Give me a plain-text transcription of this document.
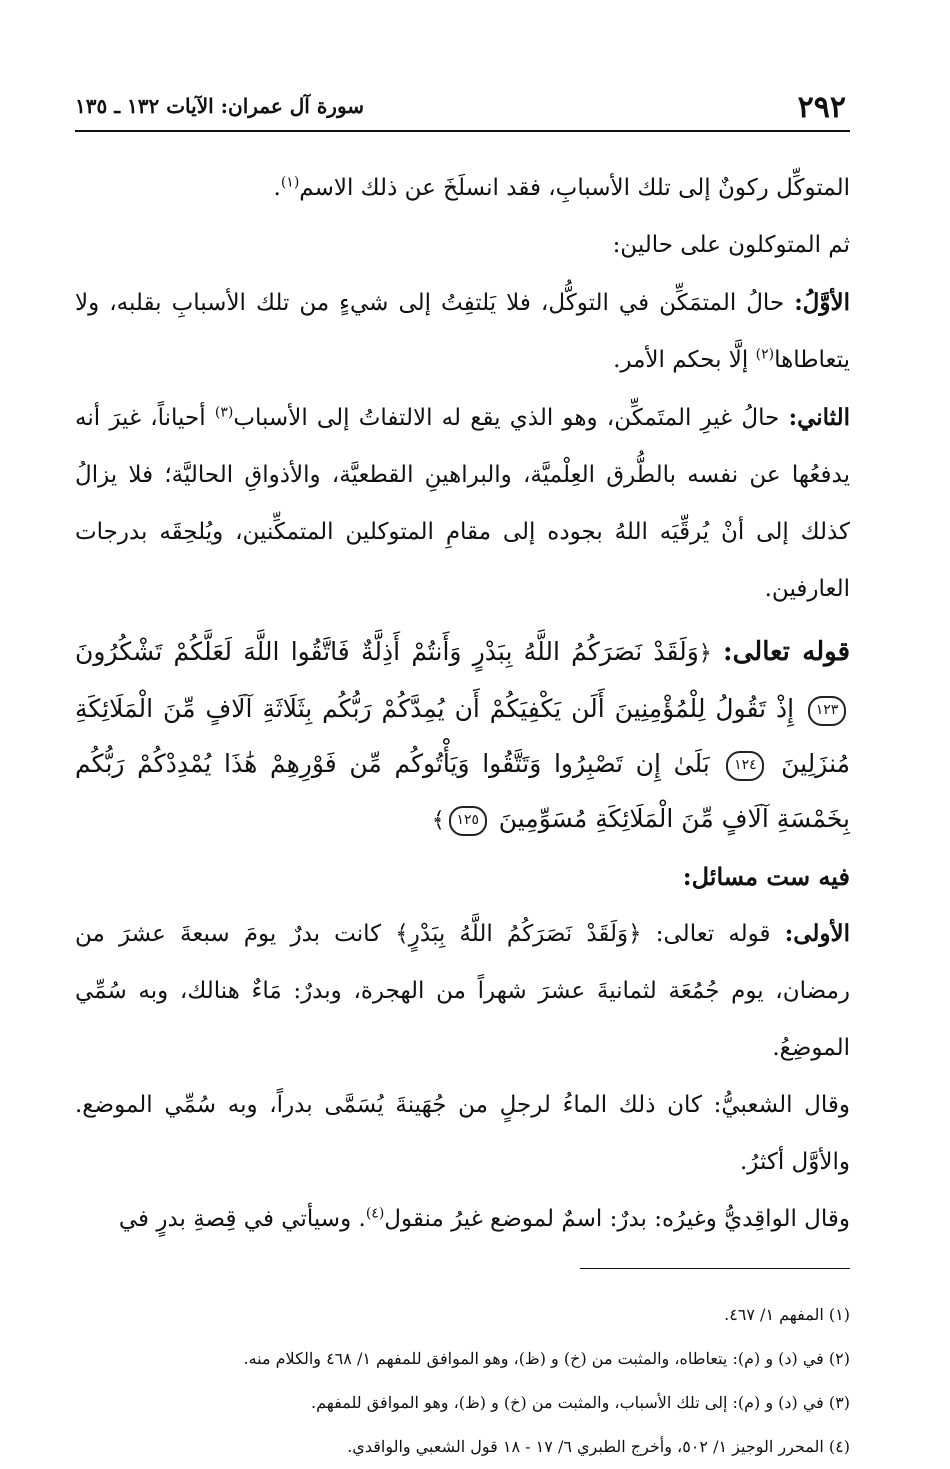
٢٩٢
سورة آل عمران: الآيات ١٣٢ ـ ١٣٥

المتوكِّل ركونٌ إلى تلك الأسبابِ، فقد انسلَخَ عن ذلك الاسم$^{(١)}$.

ثم المتوكلون على حالين:

الأوَّلُ: حالُ المتمَكِّن في التوكُّل، فلا يَلتفِتُ إلى شيءٍ من تلك الأسبابِ بقلبه، ولا يتعاطاها$^{(٢)}$ إلَّا بحكم الأمر.

الثاني: حالُ غيرِ المتَمكِّن، وهو الذي يقع له الالتفاتُ إلى الأسباب$^{(٣)}$ أحياناً، غيرَ أنه يدفعُها عن نفسه بالطُّرق العِلْميَّة، والبراهينِ القطعيَّة، والأذواقِ الحاليَّة؛ فلا يزالُ كذلك إلى أنْ يُرقِّيَه اللهُ بجوده إلى مقامِ المتوكلين المتمكِّنين، ويُلحِقَه بدرجات العارفين.

قوله تعالى: ﴿وَلَقَدْ نَصَرَكُمُ اللَّهُ بِبَدْرٍ وَأَنتُمْ أَذِلَّةٌ فَاتَّقُوا اللَّهَ لَعَلَّكُمْ تَشْكُرُونَ ١٢٣ إِذْ تَقُولُ لِلْمُؤْمِنِينَ أَلَن يَكْفِيَكُمْ أَن يُمِدَّكُمْ رَبُّكُم بِثَلَاثَةِ آلَافٍ مِّنَ الْمَلَائِكَةِ مُنزَلِينَ ١٢٤ بَلَىٰ إِن تَصْبِرُوا وَتَتَّقُوا وَيَأْتُوكُم مِّن فَوْرِهِمْ هَٰذَا يُمْدِدْكُمْ رَبُّكُم بِخَمْسَةِ آلَافٍ مِّنَ الْمَلَائِكَةِ مُسَوِّمِينَ ١٢٥﴾

فيه ست مسائل:

الأولى: قوله تعالى: ﴿وَلَقَدْ نَصَرَكُمُ اللَّهُ بِبَدْرٍ﴾ كانت بدرٌ يومَ سبعةَ عشرَ من رمضان، يوم جُمُعَة لثمانيةَ عشرَ شهراً من الهجرة، وبدرٌ: مَاءٌ هنالك، وبه سُمِّي الموضِعُ.

وقال الشعبيُّ: كان ذلك الماءُ لرجلٍ من جُهَينةَ يُسَمَّى بدراً، وبه سُمِّي الموضع. والأوَّل أكثرُ.

وقال الواقِديُّ وغيرُه: بدرٌ: اسمٌ لموضع غيرُ منقول$^{(٤)}$. وسيأتي في قِصةِ بدرٍ في

(١) المفهم ١/ ٤٦٧.
(٢) في (د) و (م): يتعاطاه، والمثبت من (خ) و (ظ)، وهو الموافق للمفهم ١/ ٤٦٨ والكلام منه.
(٣) في (د) و (م): إلى تلك الأسباب، والمثبت من (خ) و (ظ)، وهو الموافق للمفهم.
(٤) المحرر الوجيز ١/ ٥٠٢، وأخرج الطبري ٦/ ١٧ - ١٨ قول الشعبي والواقدي.
